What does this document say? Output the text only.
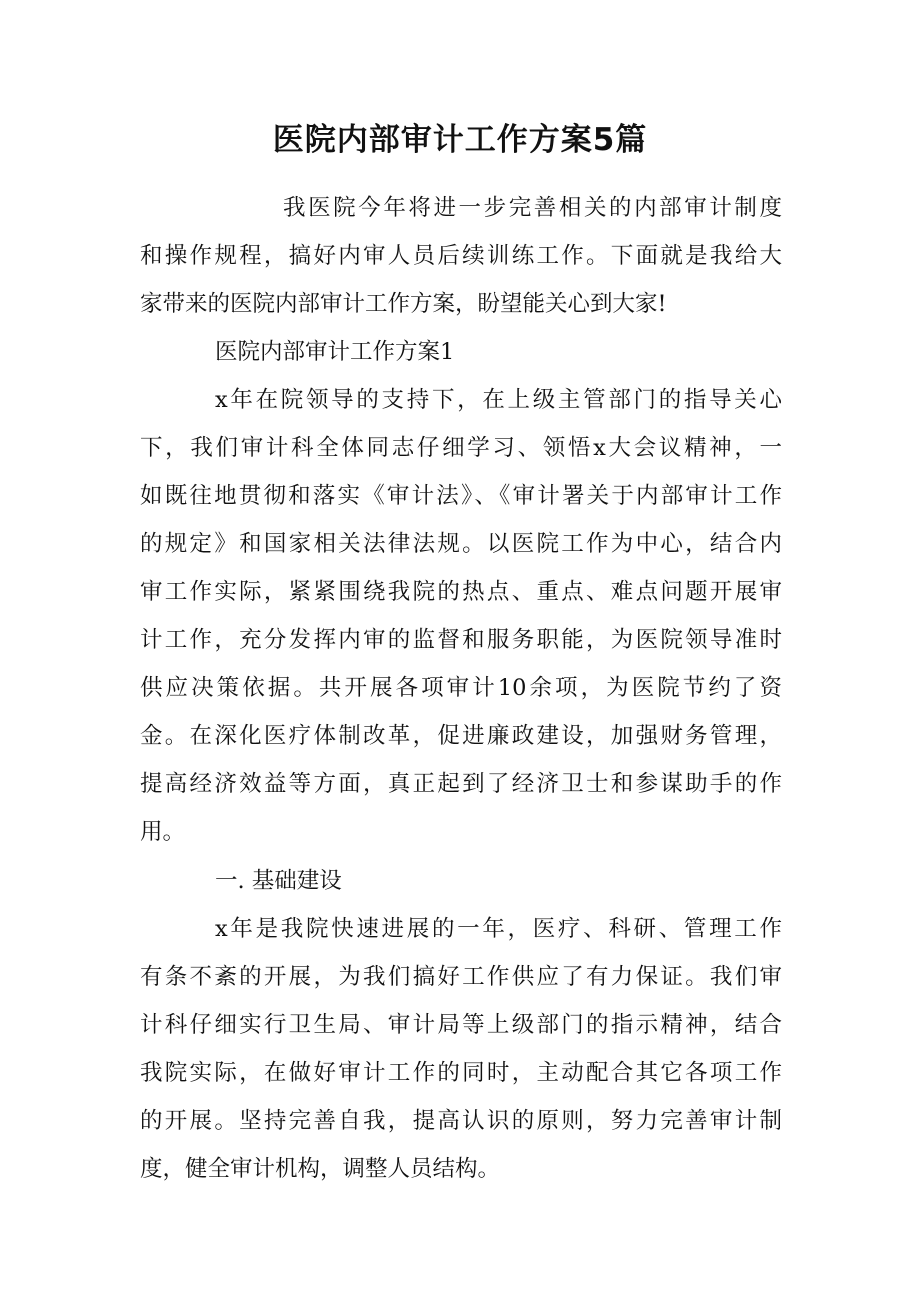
医院内部审计工作方案5篇
我医院今年将进一步完善相关的内部审计制度
和操作规程，搞好内审人员后续训练工作。下面就是我给大
家带来的医院内部审计工作方案，盼望能关心到大家!
医院内部审计工作方案1
x年在院领导的支持下，在上级主管部门的指导关心
下，我们审计科全体同志仔细学习、领悟x大会议精神，一
如既往地贯彻和落实《审计法》、《审计署关于内部审计工作
的规定》和国家相关法律法规。以医院工作为中心，结合内
审工作实际，紧紧围绕我院的热点、重点、难点问题开展审
计工作，充分发挥内审的监督和服务职能，为医院领导准时
供应决策依据。共开展各项审计10余项，为医院节约了资
金。在深化医疗体制改革，促进廉政建设，加强财务管理，
提高经济效益等方面，真正起到了经济卫士和参谋助手的作
用。
一. 基础建设
x年是我院快速进展的一年，医疗、科研、管理工作
有条不紊的开展，为我们搞好工作供应了有力保证。我们审
计科仔细实行卫生局、审计局等上级部门的指示精神，结合
我院实际，在做好审计工作的同时，主动配合其它各项工作
的开展。坚持完善自我，提高认识的原则，努力完善审计制
度，健全审计机构，调整人员结构。
